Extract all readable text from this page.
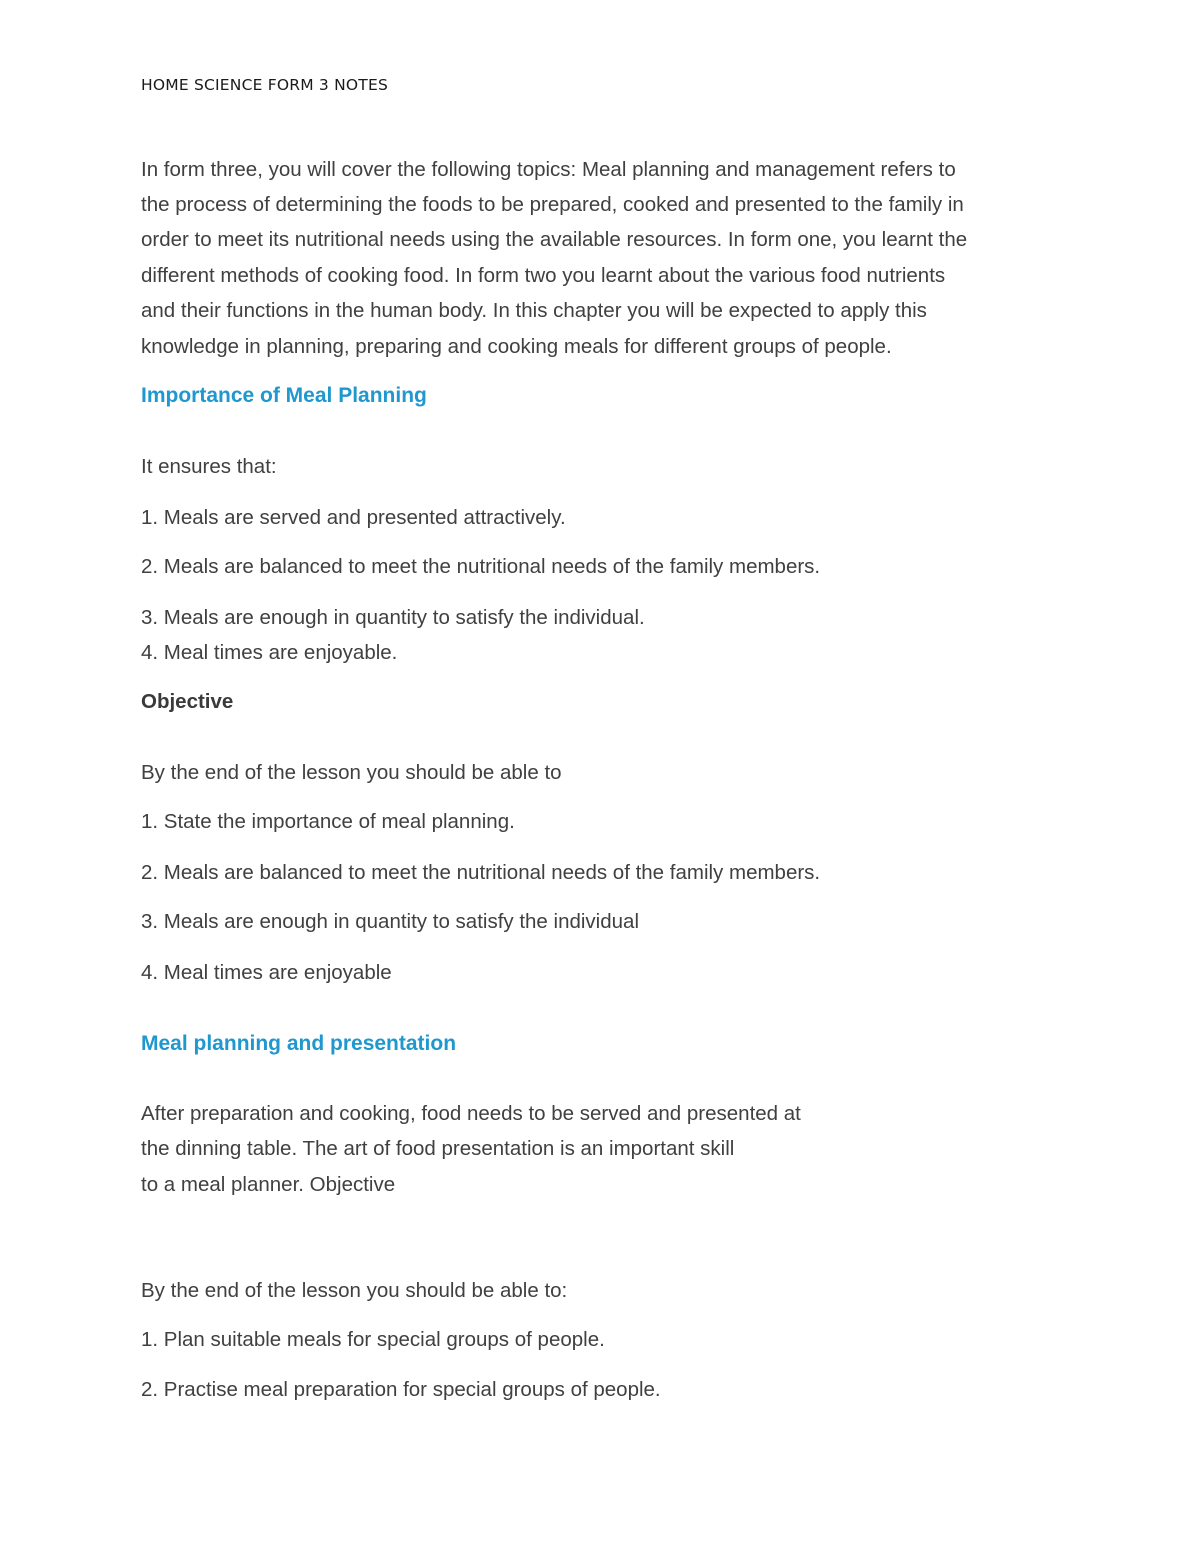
HOME SCIENCE FORM 3 NOTES
In form three, you will cover the following topics: Meal planning and management refers to
the process of determining the foods to be prepared, cooked and presented to the family in
order to meet its nutritional needs using the available resources. In form one, you learnt the
different methods of cooking food. In form two you learnt about the various food nutrients
and their functions in the human body. In this chapter you will be expected to apply this
knowledge in planning, preparing and cooking meals for different groups of people.
Importance of Meal Planning
It ensures that:
1. Meals are served and presented attractively.
2. Meals are balanced to meet the nutritional needs of the family members.
3. Meals are enough in quantity to satisfy the individual.
4. Meal times are enjoyable.
Objective
By the end of the lesson you should be able to
1. State the importance of meal planning.
2. Meals are balanced to meet the nutritional needs of the family members.
3. Meals are enough in quantity to satisfy the individual
4. Meal times are enjoyable
Meal planning and presentation
After preparation and cooking, food needs to be served and presented at
the dinning table. The art of food presentation is an important skill
to a meal planner. Objective
By the end of the lesson you should be able to:
1. Plan suitable meals for special groups of people.
2. Practise meal preparation for special groups of people.
